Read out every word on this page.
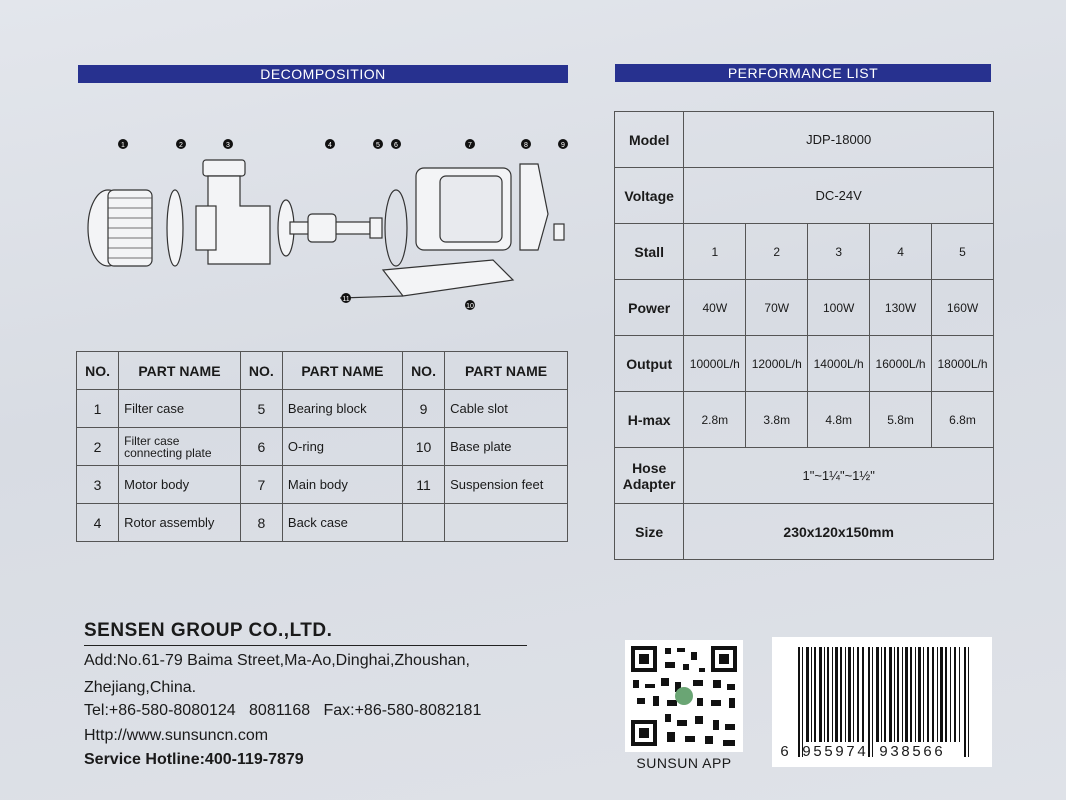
DECOMPOSITION	PERFORMANCE LIST
1	2	3	4	5 6	7	8	9
10
11
NO.	PART NAME	NO.	PART NAME	NO.	PART NAME
1	Filter case	5	Bearing block	9	Cable slot
2	Filter case connecting plate	6	O-ring	10	Base plate
3	Motor body	7	Main body	11	Suspension feet
4	Rotor assembly	8	Back case		
Model	JDP-18000				
Voltage	DC-24V				
Stall	1	2	3	4	5
Power	40W	70W	100W	130W	160W
Output	10000L/h	12000L/h	14000L/h	16000L/h	18000L/h
H-max	2.8m	3.8m	4.8m	5.8m	6.8m
Hose Adapter	1"~1¼"~1½"				
Size	230x120x150mm				
SENSEN GROUP CO.,LTD.
Add:No.61-79 Baima Street,Ma-Ao,Dinghai,Zhoushan,
Zhejiang,China.
Tel:+86-580-8080124   8081168   Fax:+86-580-8082181
Http://www.sunsuncn.com
Service Hotline:400-119-7879	SUNSUN APP
6 955974 938566
